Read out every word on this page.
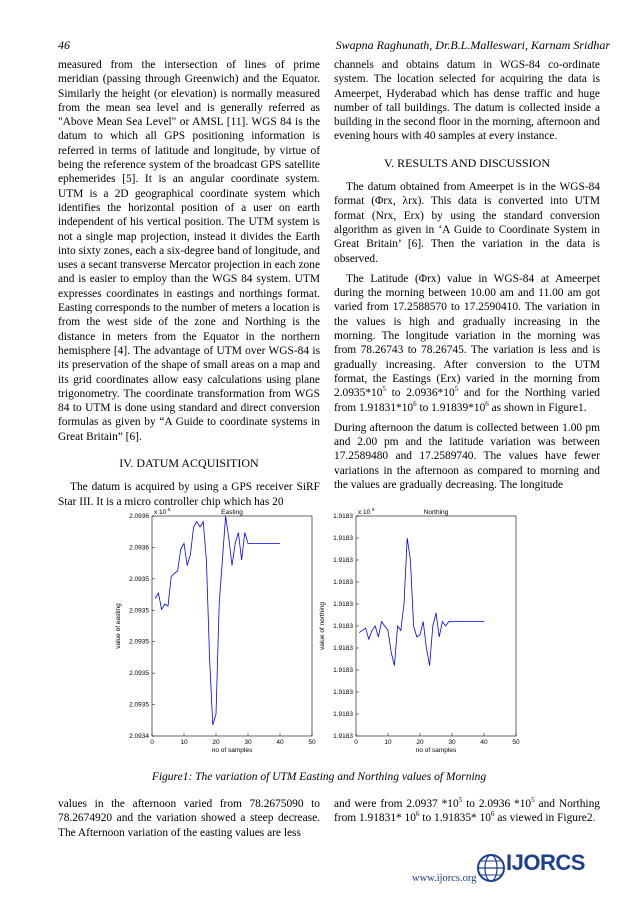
46	Swapna Raghunath, Dr.B.L.Malleswari, Karnam Sridhar

measured from the intersection of lines of prime meridian (passing through Greenwich) and the Equator. Similarly the height (or elevation) is normally measured from the mean sea level and is generally referred as "Above Mean Sea Level" or AMSL [11]. WGS 84 is the datum to which all GPS positioning information is referred in terms of latitude and longitude, by virtue of being the reference system of the broadcast GPS satellite ephemerides [5]. It is an angular coordinate system. UTM is a 2D geographical coordinate system which identifies the horizontal position of a user on earth independent of his vertical position. The UTM system is not a single map projection, instead it divides the Earth into sixty zones, each a six-degree band of longitude, and uses a secant transverse Mercator projection in each zone and is easier to employ than the WGS 84 system. UTM expresses coordinates in eastings and northings format. Easting corresponds to the number of meters a location is from the west side of the zone and Northing is the distance in meters from the Equator in the northern hemisphere [4]. The advantage of UTM over WGS-84 is its preservation of the shape of small areas on a map and its grid coordinates allow easy calculations using plane trigonometry. The coordinate transformation from WGS 84 to UTM is done using standard and direct conversion formulas as given by “A Guide to coordinate systems in Great Britain” [6].

IV. DATUM ACQUISITION

The datum is acquired by using a GPS receiver SiRF Star III. It is a micro controller chip which has 20

channels and obtains datum in WGS-84 co-ordinate system. The location selected for acquiring the data is Ameerpet, Hyderabad which has dense traffic and huge number of tall buildings. The datum is collected inside a building in the second floor in the morning, afternoon and evening hours with 40 samples at every instance.

V. RESULTS AND DISCUSSION

The datum obtained from Ameerpet is in the WGS-84 format (Φrx, λrx). This data is converted into UTM format (Nrx, Erx) by using the standard conversion algorithm as given in ‘A Guide to Coordinate System in Great Britain’ [6]. Then the variation in the data is observed.

The Latitude (Φrx) value in WGS-84 at Ameerpet during the morning between 10.00 am and 11.00 am got varied from 17.2588570 to 17.2590410. The variation in the values is high and gradually increasing in the morning. The longitude variation in the morning was from 78.26743 to 78.26745. The variation is less and is gradually increasing. After conversion to the UTM format, the Eastings (Erx) varied in the morning from $2.0935*10^5$ to $2.0936*10^5$ and for the Northing varied from $1.91831*10^6$ to $1.91839*10^6$ as shown in Figure1.

During afternoon the datum is collected between 1.00 pm and 2.00 pm and the latitude variation was between 17.2589480 and 17.2589740. The values have fewer variations in the afternoon as compared to morning and the values are gradually decreasing. The longitude

0	10	20	30	40	50
2.0936
2.0936
2.0935
2.0935
2.0935
2.0935
2.0935
2.0934
x 10 5	Easting
no of samples
value of easting
0	10	20	30	40	50
1.9183
1.9183
1.9183
1.9183
1.9183
1.9183
1.9183
1.9183
1.9183
1.9183
1.9183
x 10 6	Northing
no of samples
value of northing
Figure1: The variation of UTM Easting and Northing values of Morning

values in the afternoon varied from 78.2675090 to 78.2674920 and the variation showed a steep decrease. The Afternoon variation of the easting values are less

and were from 2.0937 $*10^5$ to 2.0936 $*10^5$ and Northing from 1.91831* $10^6$ to 1.91835* $10^6$ as viewed in Figure2.

www.ijorcs.org
IJORCS
